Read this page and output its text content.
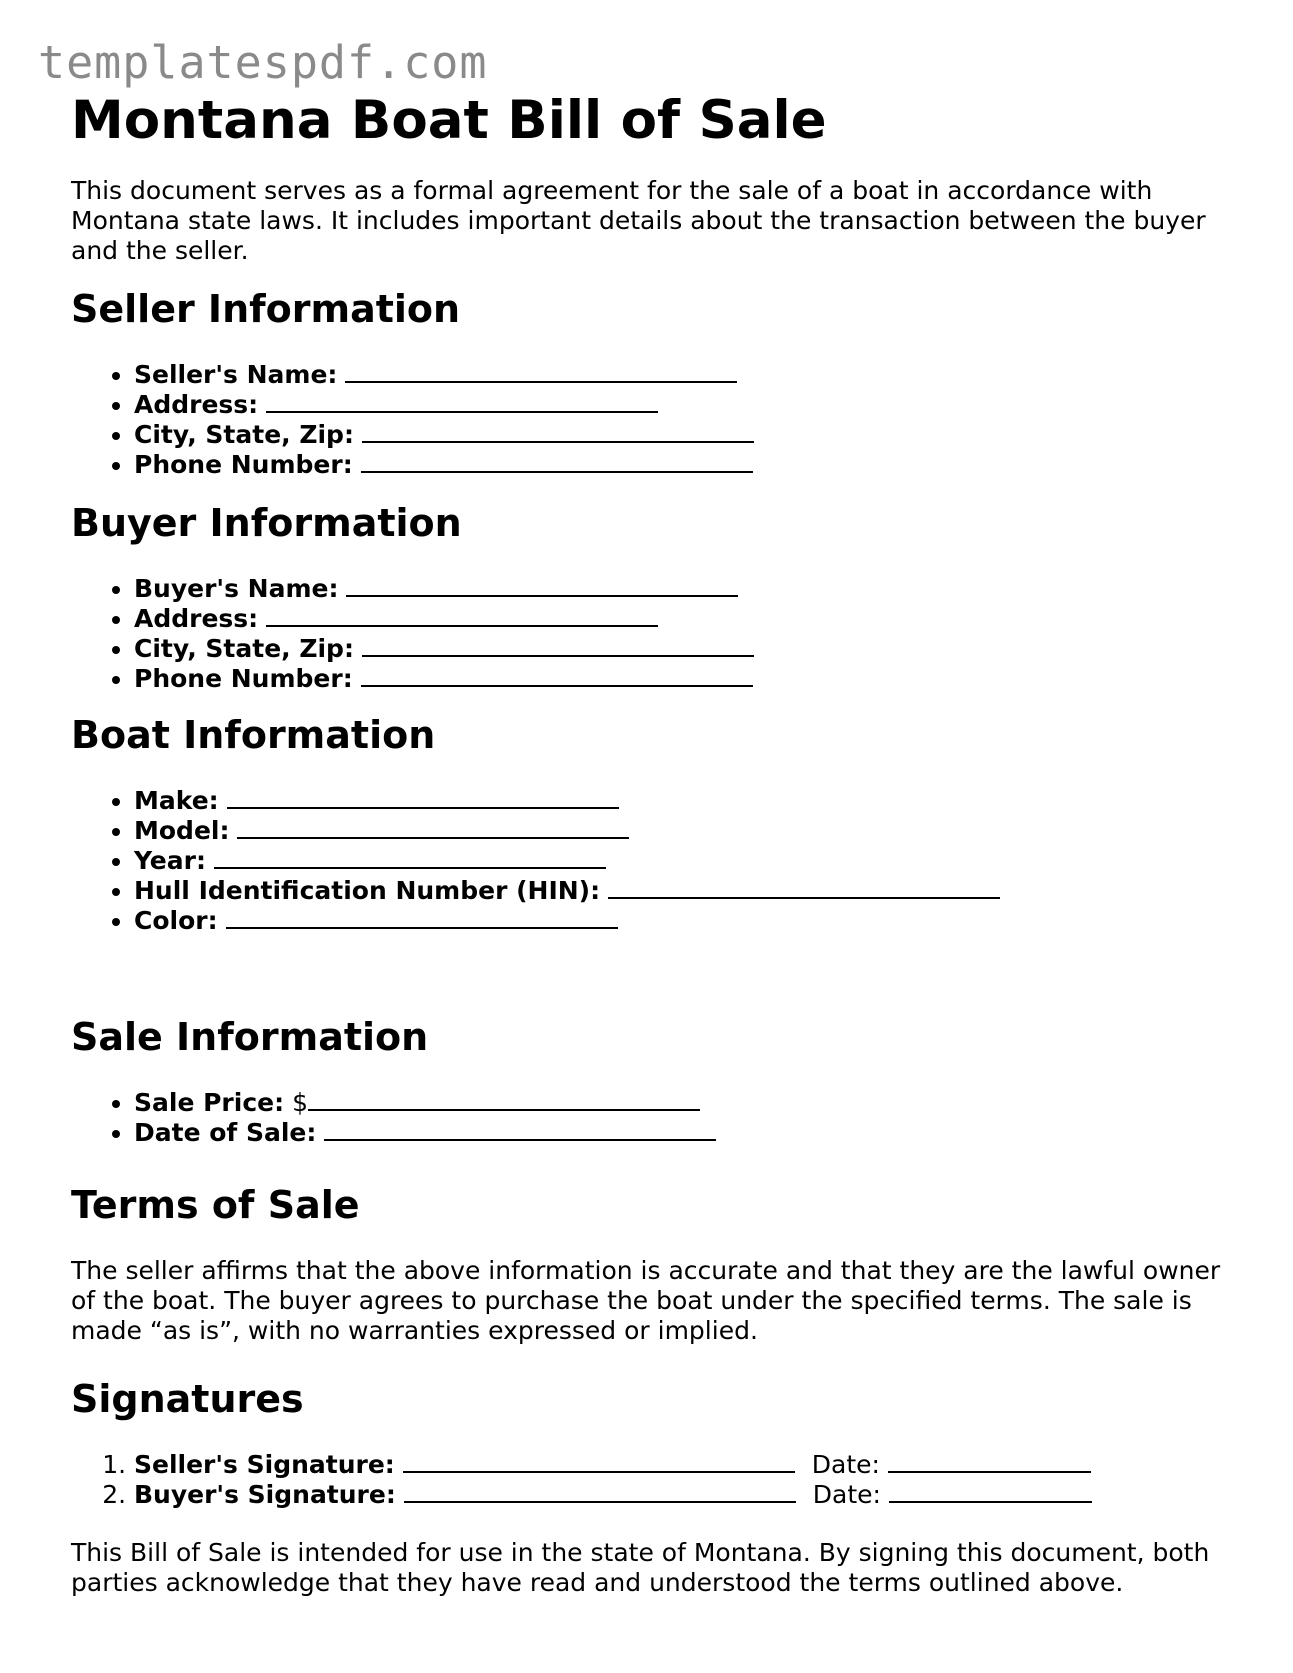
templatespdf.com
Montana Boat Bill of Sale

This document serves as a formal agreement for the sale of a boat in accordance with Montana state laws. It includes important details about the transaction between the buyer and the seller.

Seller Information
• Seller's Name:
• Address:
• City, State, Zip:
• Phone Number:
Buyer Information
• Buyer's Name:
• Address:
• City, State, Zip:
• Phone Number:
Boat Information
• Make:
• Model:
• Year:
• Hull Identification Number (HIN):
• Color:
Sale Information
• Sale Price: $
• Date of Sale:
Terms of Sale

The seller affirms that the above information is accurate and that they are the lawful owner of the boat. The buyer agrees to purchase the boat under the specified terms. The sale is made “as is”, with no warranties expressed or implied.

Signatures
1. Seller's Signature:	Date:
2. Buyer's Signature:	Date:

This Bill of Sale is intended for use in the state of Montana. By signing this document, both parties acknowledge that they have read and understood the terms outlined above.
